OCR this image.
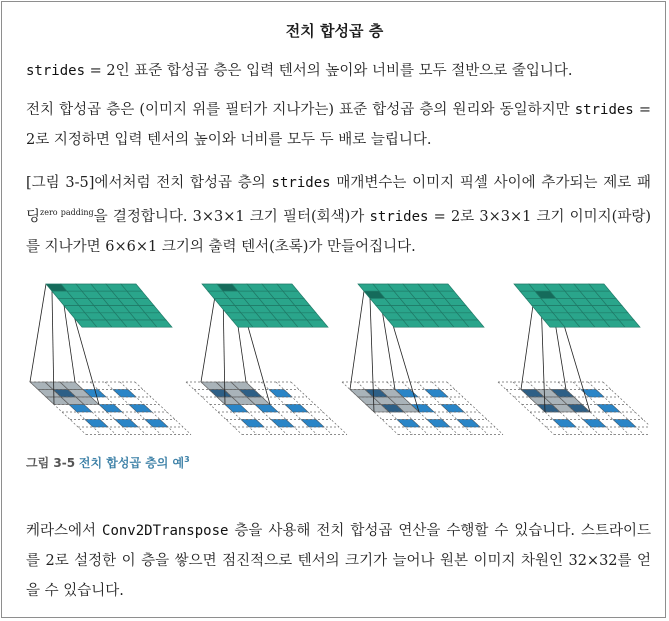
전치 합성곱 층

strides = 2인 표준 합성곱 층은 입력 텐서의 높이와 너비를 모두 절반으로 줄입니다.

전치 합성곱 층은 (이미지 위를 필터가 지나가는) 표준 합성곱 층의 원리와 동일하지만 strides = 2로 지정하면 입력 텐서의 높이와 너비를 모두 두 배로 늘립니다.

[그림 3-5]에서처럼 전치 합성곱 층의 strides 매개변수는 이미지 픽셀 사이에 추가되는 제로 패딩$^{zero padding}$을 결정합니다. 3×3×1 크기 필터(회색)가 strides = 2로 3×3×1 크기 이미지(파랑)를 지나가면 6×6×1 크기의 출력 텐서(초록)가 만들어집니다.

그림 3-5 전치 합성곱 층의 예$^3$

케라스에서 Conv2DTranspose 층을 사용해 전치 합성곱 연산을 수행할 수 있습니다. 스트라이드를 2로 설정한 이 층을 쌓으면 점진적으로 텐서의 크기가 늘어나 원본 이미지 차원인 32×32를 얻을 수 있습니다.
